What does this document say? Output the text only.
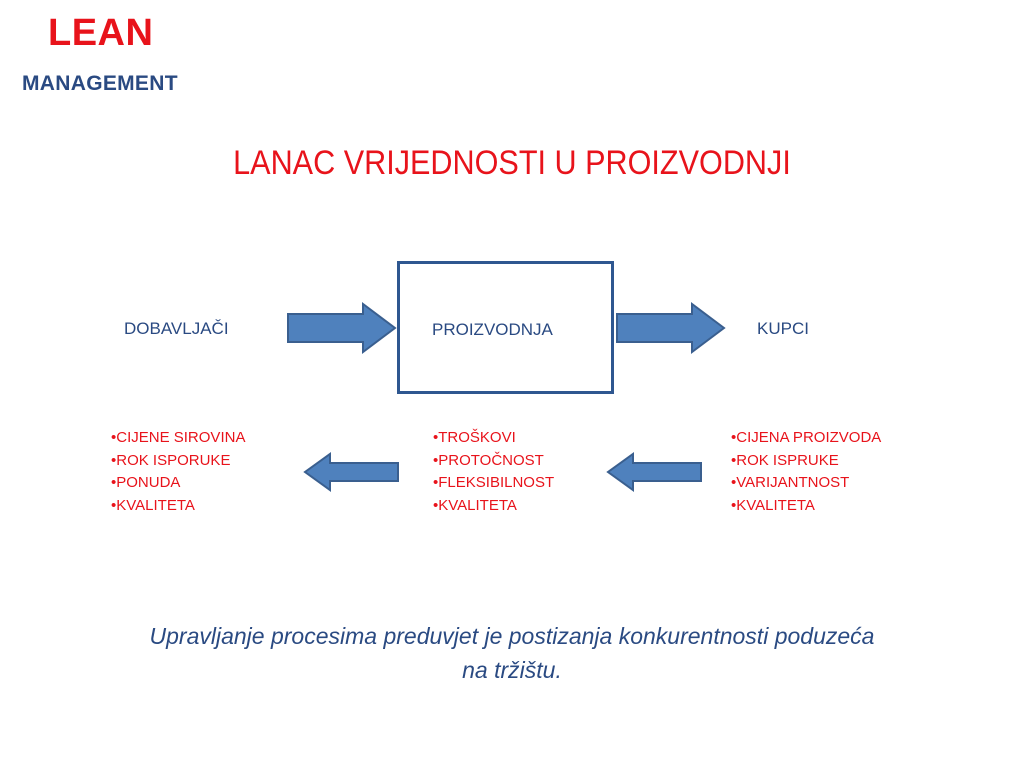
LEAN
MANAGEMENT
LANAC VRIJEDNOSTI U PROIZVODNJI
DOBAVLJAČI	PROIZVODNJA	KUPCI
•CIJENE SIROVINA
•ROK ISPORUKE
•PONUDA
•KVALITETA
•TROŠKOVI
•PROTOČNOST
•FLEKSIBILNOST
•KVALITETA
•CIJENA PROIZVODA
•ROK ISPRUKE
•VARIJANTNOST
•KVALITETA
Upravljanje procesima preduvjet je postizanja konkurentnosti poduzeća
na tržištu.
